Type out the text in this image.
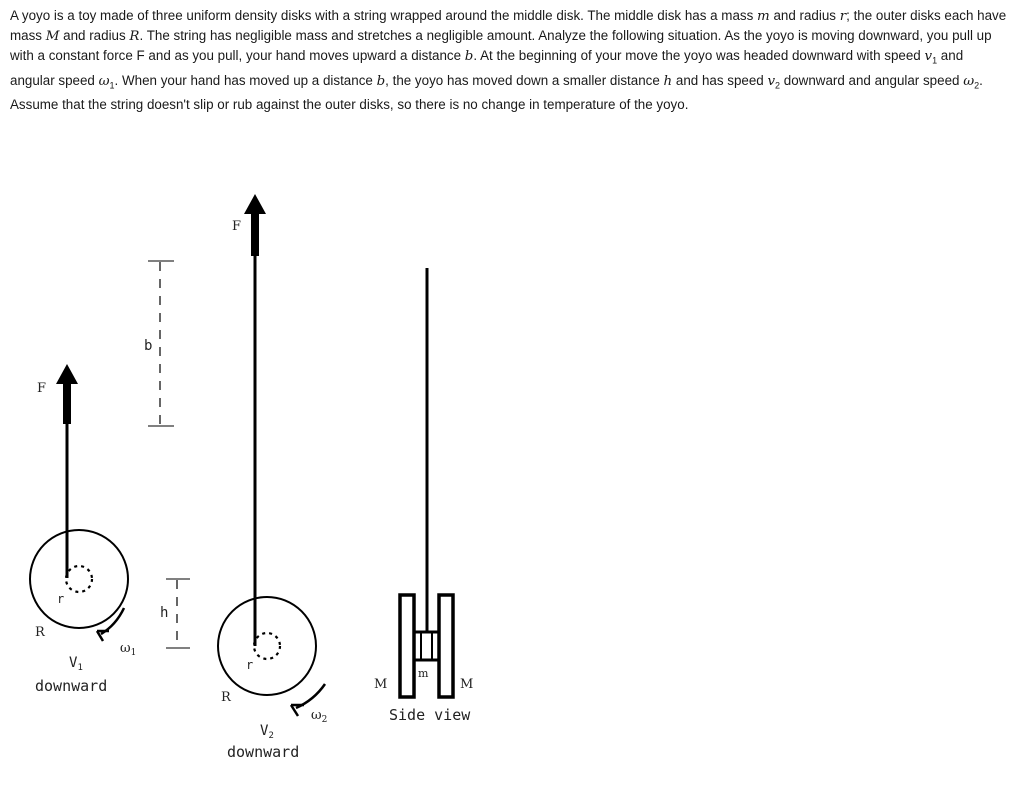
A yoyo is a toy made of three uniform density disks with a string wrapped around the middle disk. The middle disk has a mass m and radius r; the outer disks each have mass M and radius R. The string has negligible mass and stretches a negligible amount. Analyze the following situation. As the yoyo is moving downward, you pull up with a constant force F and as you pull, your hand moves upward a distance b. At the beginning of your move the yoyo was headed downward with speed $v_1$ and angular speed $\omega_1$. When your hand has moved up a distance b, the yoyo has moved down a smaller distance h and has speed $v_2$ downward and angular speed $\omega_2$. Assume that the string doesn't slip or rub against the outer disks, so there is no change in temperature of the yoyo.

F
r
R
$\omega_1$
$V_1$
downward
b
h
F
r
R
$\omega_2$
$V_2$
downward
M
m
M
Side view
